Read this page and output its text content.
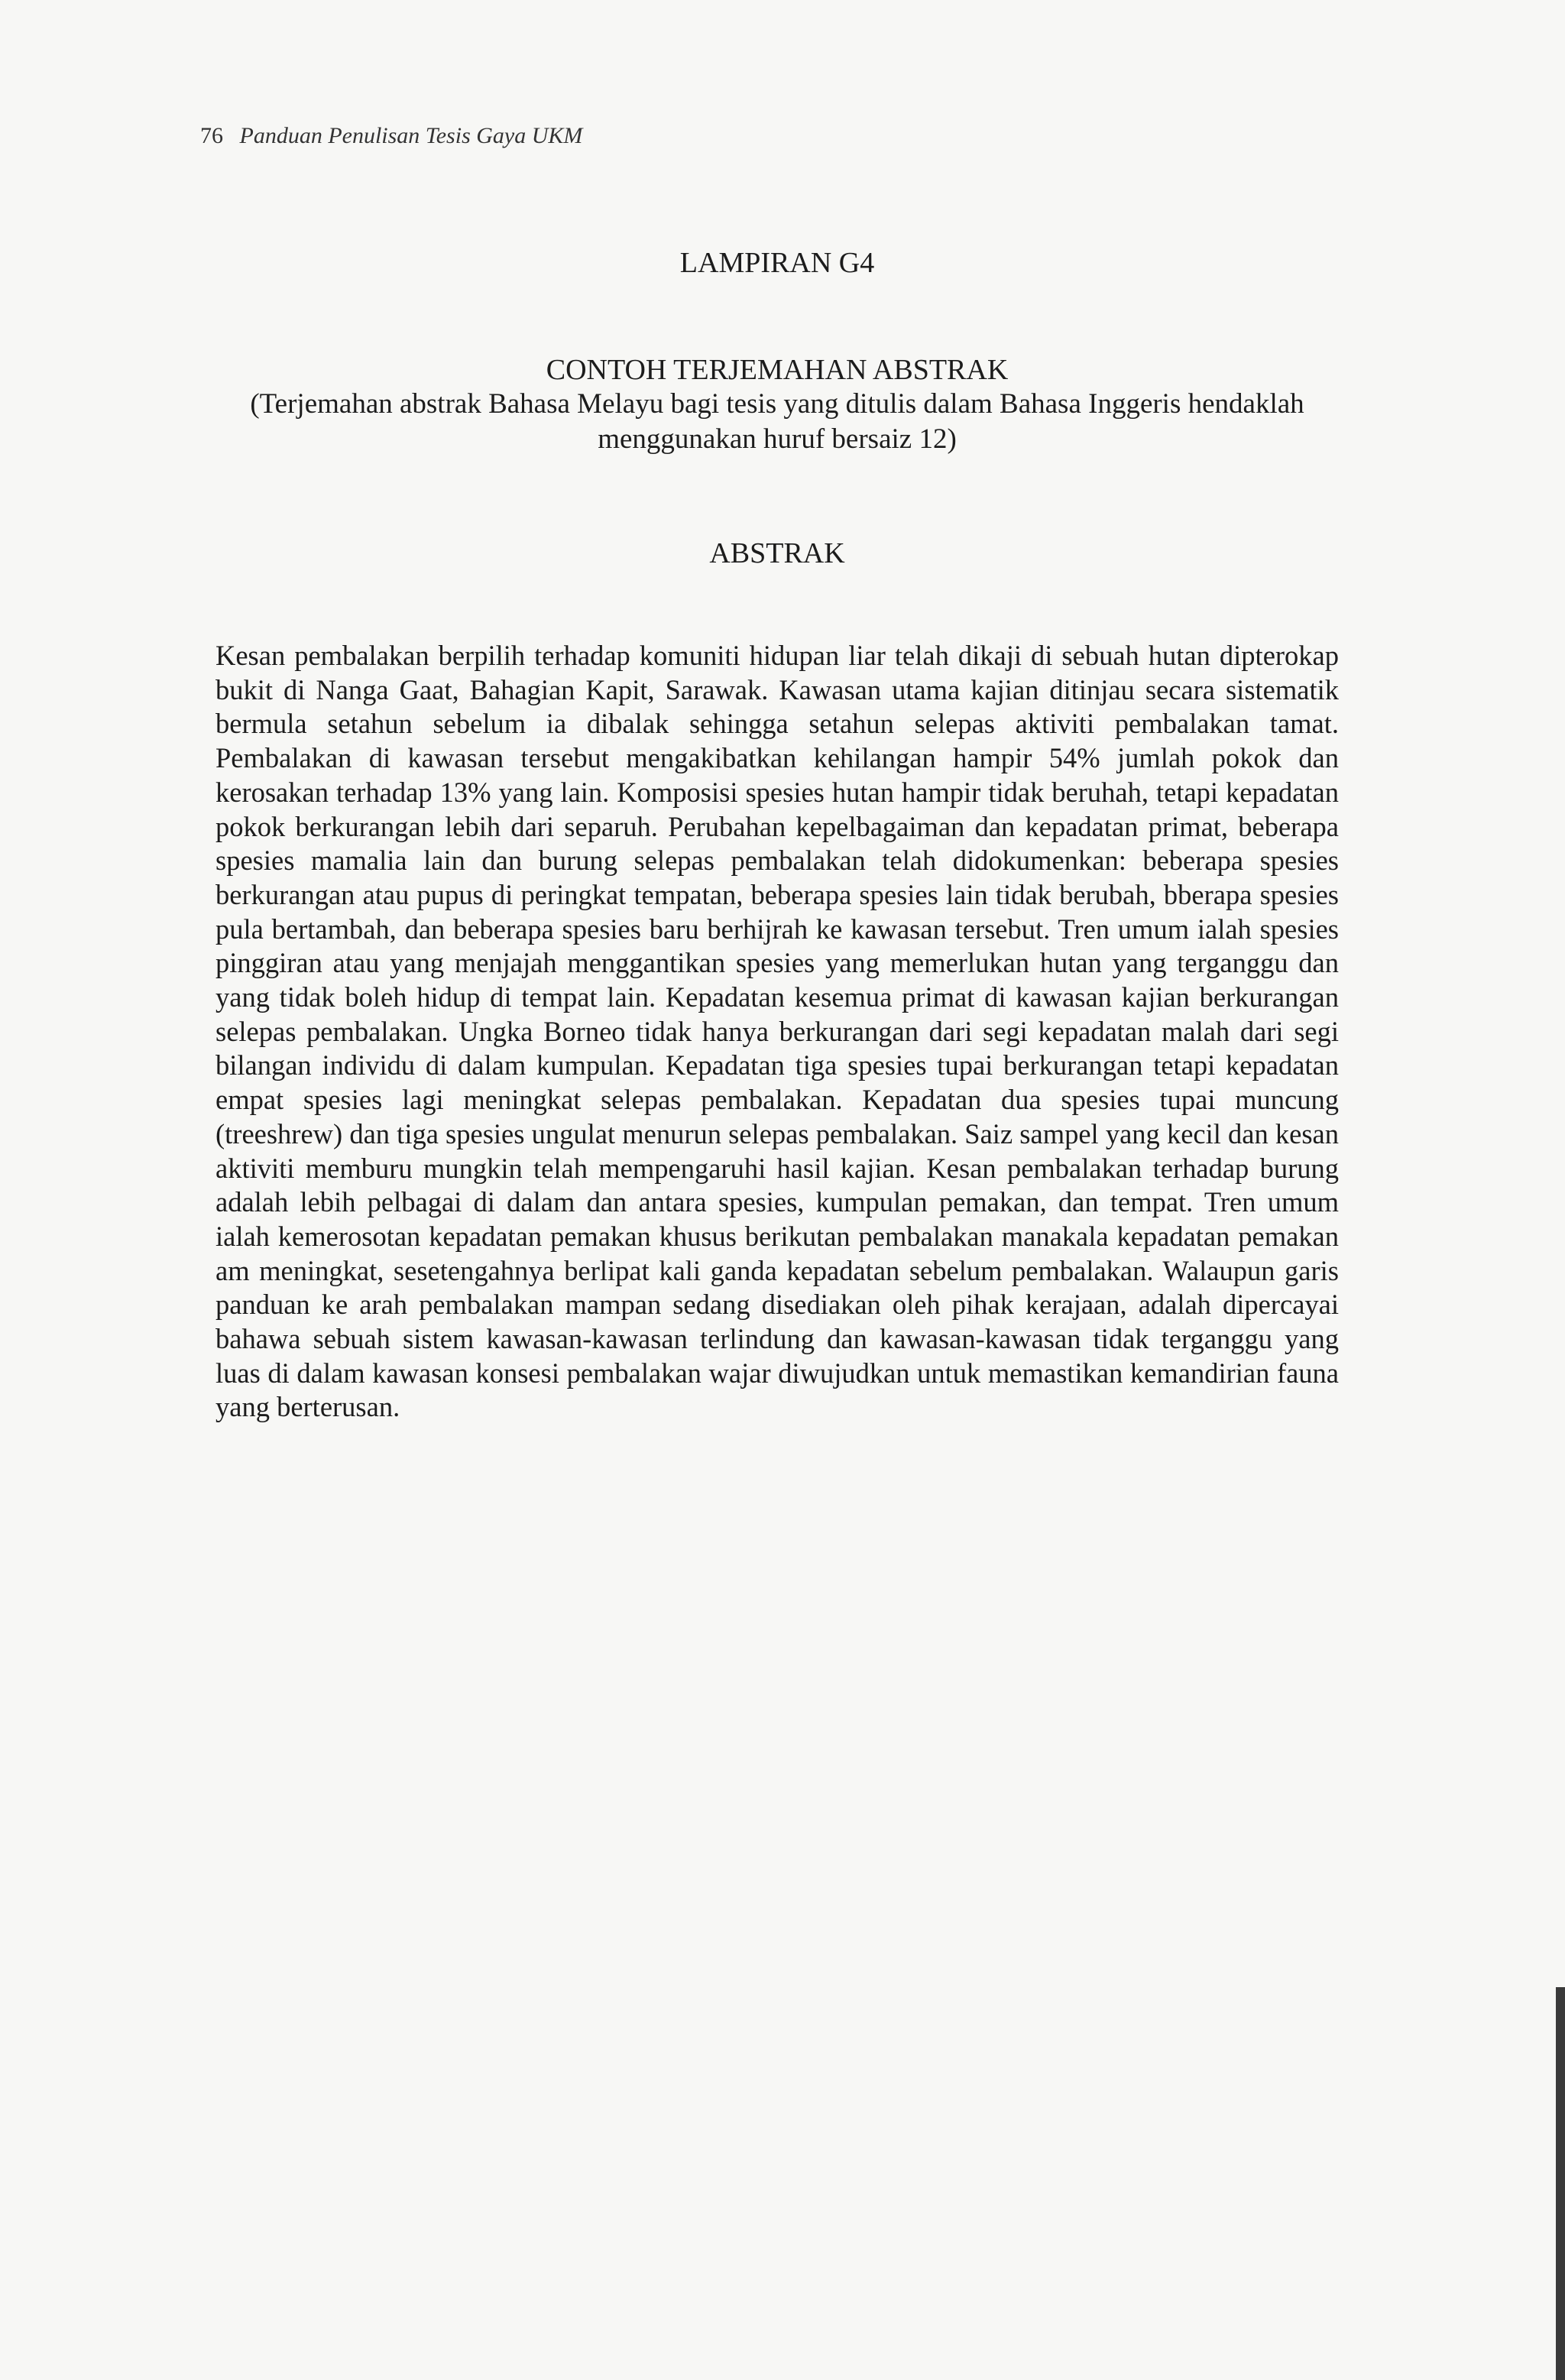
76 Panduan Penulisan Tesis Gaya UKM
LAMPIRAN G4
CONTOH TERJEMAHAN ABSTRAK
(Terjemahan abstrak Bahasa Melayu bagi tesis yang ditulis dalam Bahasa Inggeris hendaklah menggunakan huruf bersaiz 12)
ABSTRAK
Kesan pembalakan berpilih terhadap komuniti hidupan liar telah dikaji di sebuah hutan dipterokap bukit di Nanga Gaat, Bahagian Kapit, Sarawak. Kawasan utama kajian ditinjau secara sistematik bermula setahun sebelum ia dibalak sehingga setahun selepas aktiviti pembalakan tamat. Pembalakan di kawasan tersebut mengakibatkan kehilangan hampir 54% jumlah pokok dan kerosakan terhadap 13% yang lain. Komposisi spesies hutan hampir tidak beruhah, tetapi kepadatan pokok berkurangan lebih dari separuh. Perubahan kepelbagaiman dan kepadatan primat, beberapa spesies mamalia lain dan burung selepas pembalakan telah didokumenkan: beberapa spesies berkurangan atau pupus di peringkat tempatan, beberapa spesies lain tidak berubah, bberapa spesies pula bertambah, dan beberapa spesies baru berhijrah ke kawasan tersebut. Tren umum ialah spesies pinggiran atau yang menjajah menggantikan spesies yang memerlukan hutan yang terganggu dan yang tidak boleh hidup di tempat lain. Kepadatan kesemua primat di kawasan kajian berkurangan selepas pembalakan. Ungka Borneo tidak hanya berkurangan dari segi kepadatan malah dari segi bilangan individu di dalam kumpulan. Kepadatan tiga spesies tupai berkurangan tetapi kepadatan empat spesies lagi meningkat selepas pembalakan. Kepadatan dua spesies tupai muncung (treeshrew) dan tiga spesies ungulat menurun selepas pembalakan. Saiz sampel yang kecil dan kesan aktiviti memburu mungkin telah mempengaruhi hasil kajian. Kesan pembalakan terhadap burung adalah lebih pelbagai di dalam dan antara spesies, kumpulan pemakan, dan tempat. Tren umum ialah kemerosotan kepadatan pemakan khusus berikutan pembalakan manakala kepadatan pemakan am meningkat, sesetengahnya berlipat kali ganda kepadatan sebelum pembalakan. Walaupun garis panduan ke arah pembalakan mampan sedang disediakan oleh pihak kerajaan, adalah dipercayai bahawa sebuah sistem kawasan-kawasan terlindung dan kawasan-kawasan tidak terganggu yang luas di dalam kawasan konsesi pembalakan wajar diwujudkan untuk memastikan kemandirian fauna yang berterusan.
